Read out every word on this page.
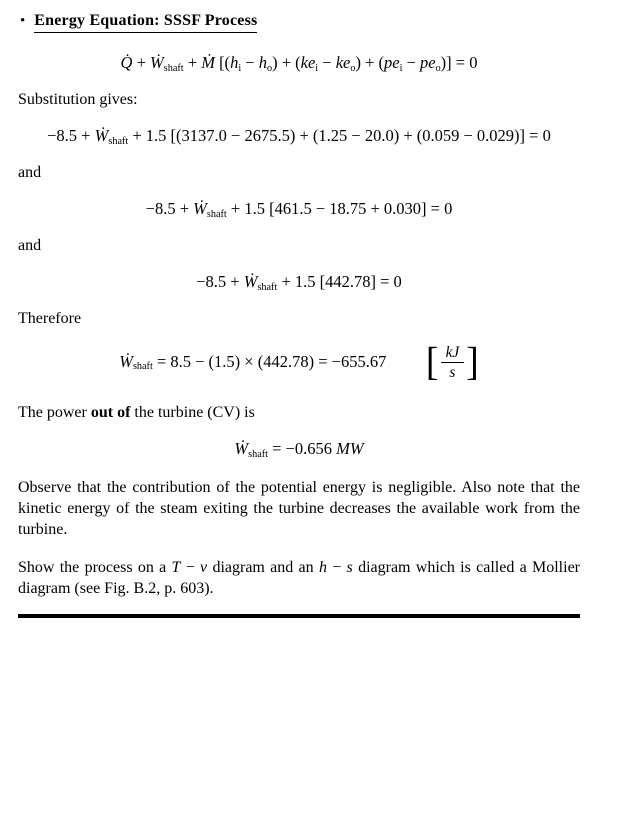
• Energy Equation: SSSF Process
Q̇ + Ẇ$_{shaft}$ + Ṁ $[(h_i - h_o) + (ke_i - ke_o) + (pe_i - pe_o)] = 0$

Substitution gives:

−8.5 + Ẇ$_{shaft}$ + 1.5 [(3137.0 − 2675.5) + (1.25 − 20.0) + (0.059 − 0.029)] = 0

and

−8.5 + Ẇ$_{shaft}$ + 1.5 [461.5 − 18.75 + 0.030] = 0

and

−8.5 + Ẇ$_{shaft}$ + 1.5 [442.78] = 0

Therefore

Ẇ$_{shaft}$ = 8.5 − (1.5) × (442.78) = −655.67 [ $\frac{kJ}{s}$ ]

The power out of the turbine (CV) is

Ẇ$_{shaft}$ = −0.656 MW

Observe that the contribution of the potential energy is negligible. Also note that the kinetic energy of the steam exiting the turbine decreases the available work from the turbine.

Show the process on a T − v diagram and an h − s diagram which is called a Mollier diagram (see Fig. B.2, p. 603).
